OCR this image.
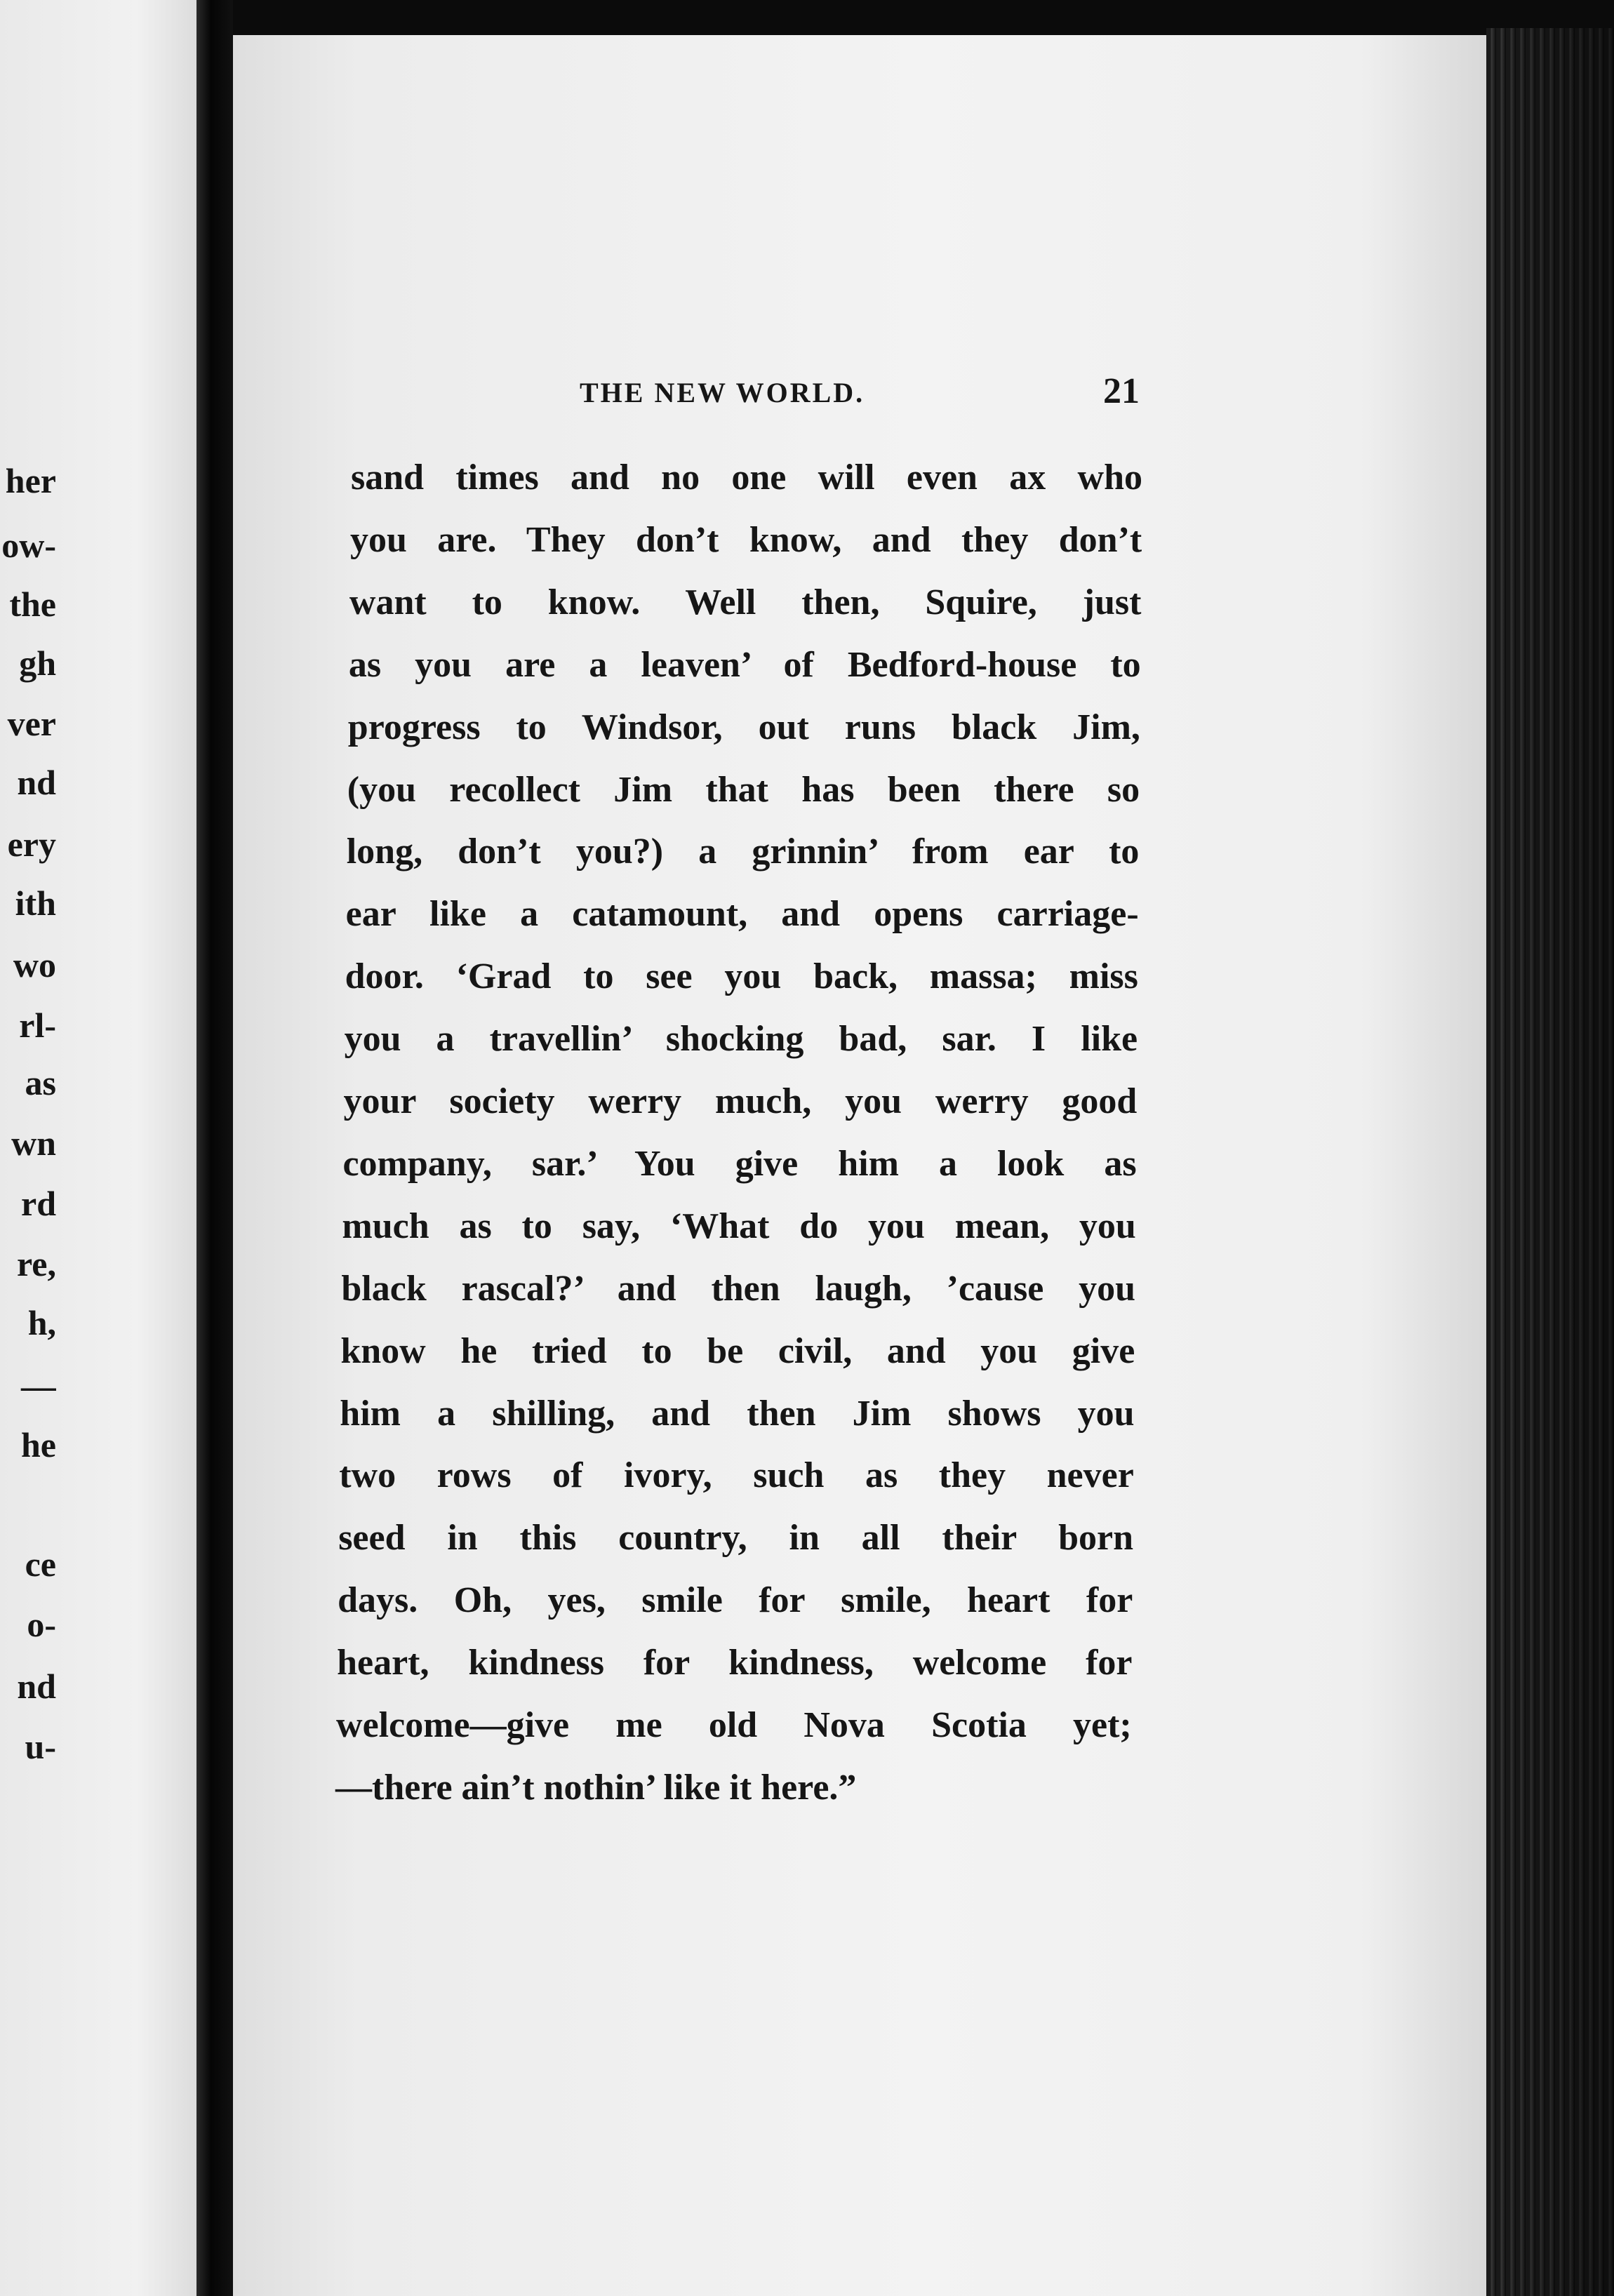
her
ow-
the
gh
ver
nd
ery
ith
wo
rl-
as
wn
rd
re,
h,
—
he
ce
o-
nd
u-
THE NEW WORLD.	21
sand times and no one will even ax who
you are. They don’t know, and they don’t
want to know. Well then, Squire, just
as you are a leaven’ of Bedford-house to
progress to Windsor, out runs black Jim,
(you recollect Jim that has been there so
long, don’t you?) a grinnin’ from ear to
ear like a catamount, and opens carriage-
door. ‘Grad to see you back, massa; miss
you a travellin’ shocking bad, sar. I like
your society werry much, you werry good
company, sar.’ You give him a look as
much as to say, ‘What do you mean, you
black rascal?’ and then laugh, ’cause you
know he tried to be civil, and you give
him a shilling, and then Jim shows you
two rows of ivory, such as they never
seed in this country, in all their born
days. Oh, yes, smile for smile, heart for
heart, kindness for kindness, welcome for
welcome—give me old Nova Scotia yet;
—there ain’t nothin’ like it here.”
